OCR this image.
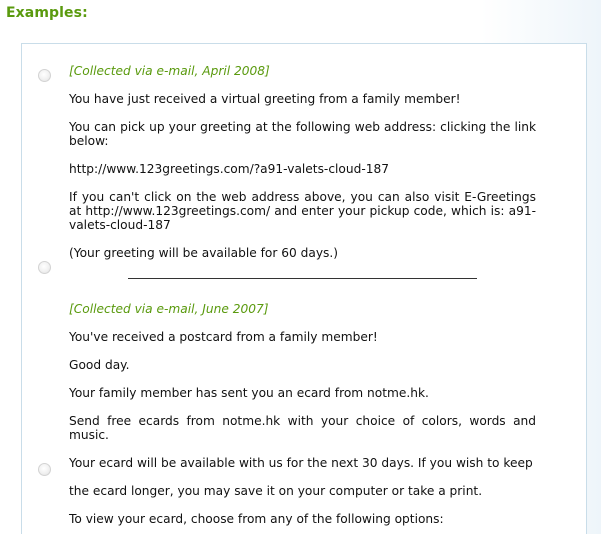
Examples:

[Collected via e-mail, April 2008]

You have just received a virtual greeting from a family member!

You can pick up your greeting at the following web address: clicking the link below:

http://www.123greetings.com/?a91-valets-cloud-187

If you can't click on the web address above, you can also visit E-Greetings at http://www.123greetings.com/ and enter your pickup code, which is: a91-valets-cloud-187

(Your greeting will be available for 60 days.)

[Collected via e-mail, June 2007]

You've received a postcard from a family member!

Good day.

Your family member has sent you an ecard from notme.hk.

Send free ecards from notme.hk with your choice of colors, words and music.

Your ecard will be available with us for the next 30 days. If you wish to keep

the ecard longer, you may save it on your computer or take a print.

To view your ecard, choose from any of the following options:
